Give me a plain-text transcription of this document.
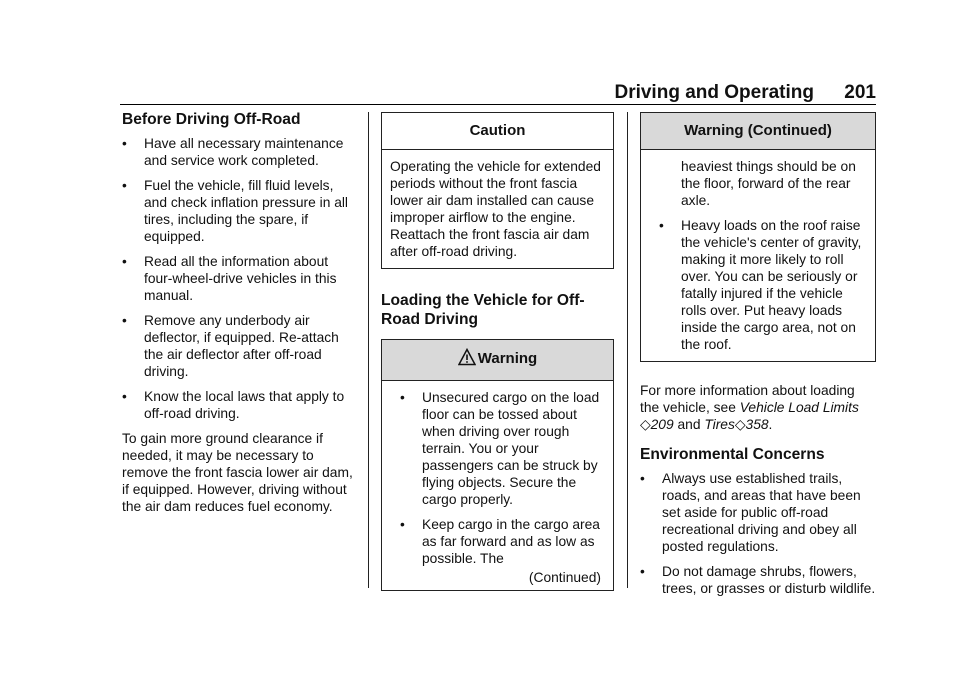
Driving and Operating 201
Before Driving Off-Road
• Have all necessary maintenance and service work completed.
• Fuel the vehicle, fill fluid levels, and check inflation pressure in all tires, including the spare, if equipped.
• Read all the information about four-wheel-drive vehicles in this manual.
• Remove any underbody air deflector, if equipped. Re-attach the air deflector after off-road driving.
• Know the local laws that apply to off-road driving.

To gain more ground clearance if needed, it may be necessary to remove the front fascia lower air dam, if equipped. However, driving without the air dam reduces fuel economy.

Caution
Operating the vehicle for extended periods without the front fascia lower air dam installed can cause improper airflow to the engine. Reattach the front fascia air dam after off-road driving.
Loading the Vehicle for Off-Road Driving
Warning
• Unsecured cargo on the load floor can be tossed about when driving over rough terrain. You or your passengers can be struck by flying objects. Secure the cargo properly.
• Keep cargo in the cargo area as far forward and as low as possible. The
(Continued)
Warning (Continued)
heaviest things should be on the floor, forward of the rear axle.
• Heavy loads on the roof raise the vehicle's center of gravity, making it more likely to roll over. You can be seriously or fatally injured if the vehicle rolls over. Put heavy loads inside the cargo area, not on the roof.

For more information about loading the vehicle, see Vehicle Load Limits ◇209 and Tires◇358.

Environmental Concerns
• Always use established trails, roads, and areas that have been set aside for public off-road recreational driving and obey all posted regulations.
• Do not damage shrubs, flowers, trees, or grasses or disturb wildlife.
